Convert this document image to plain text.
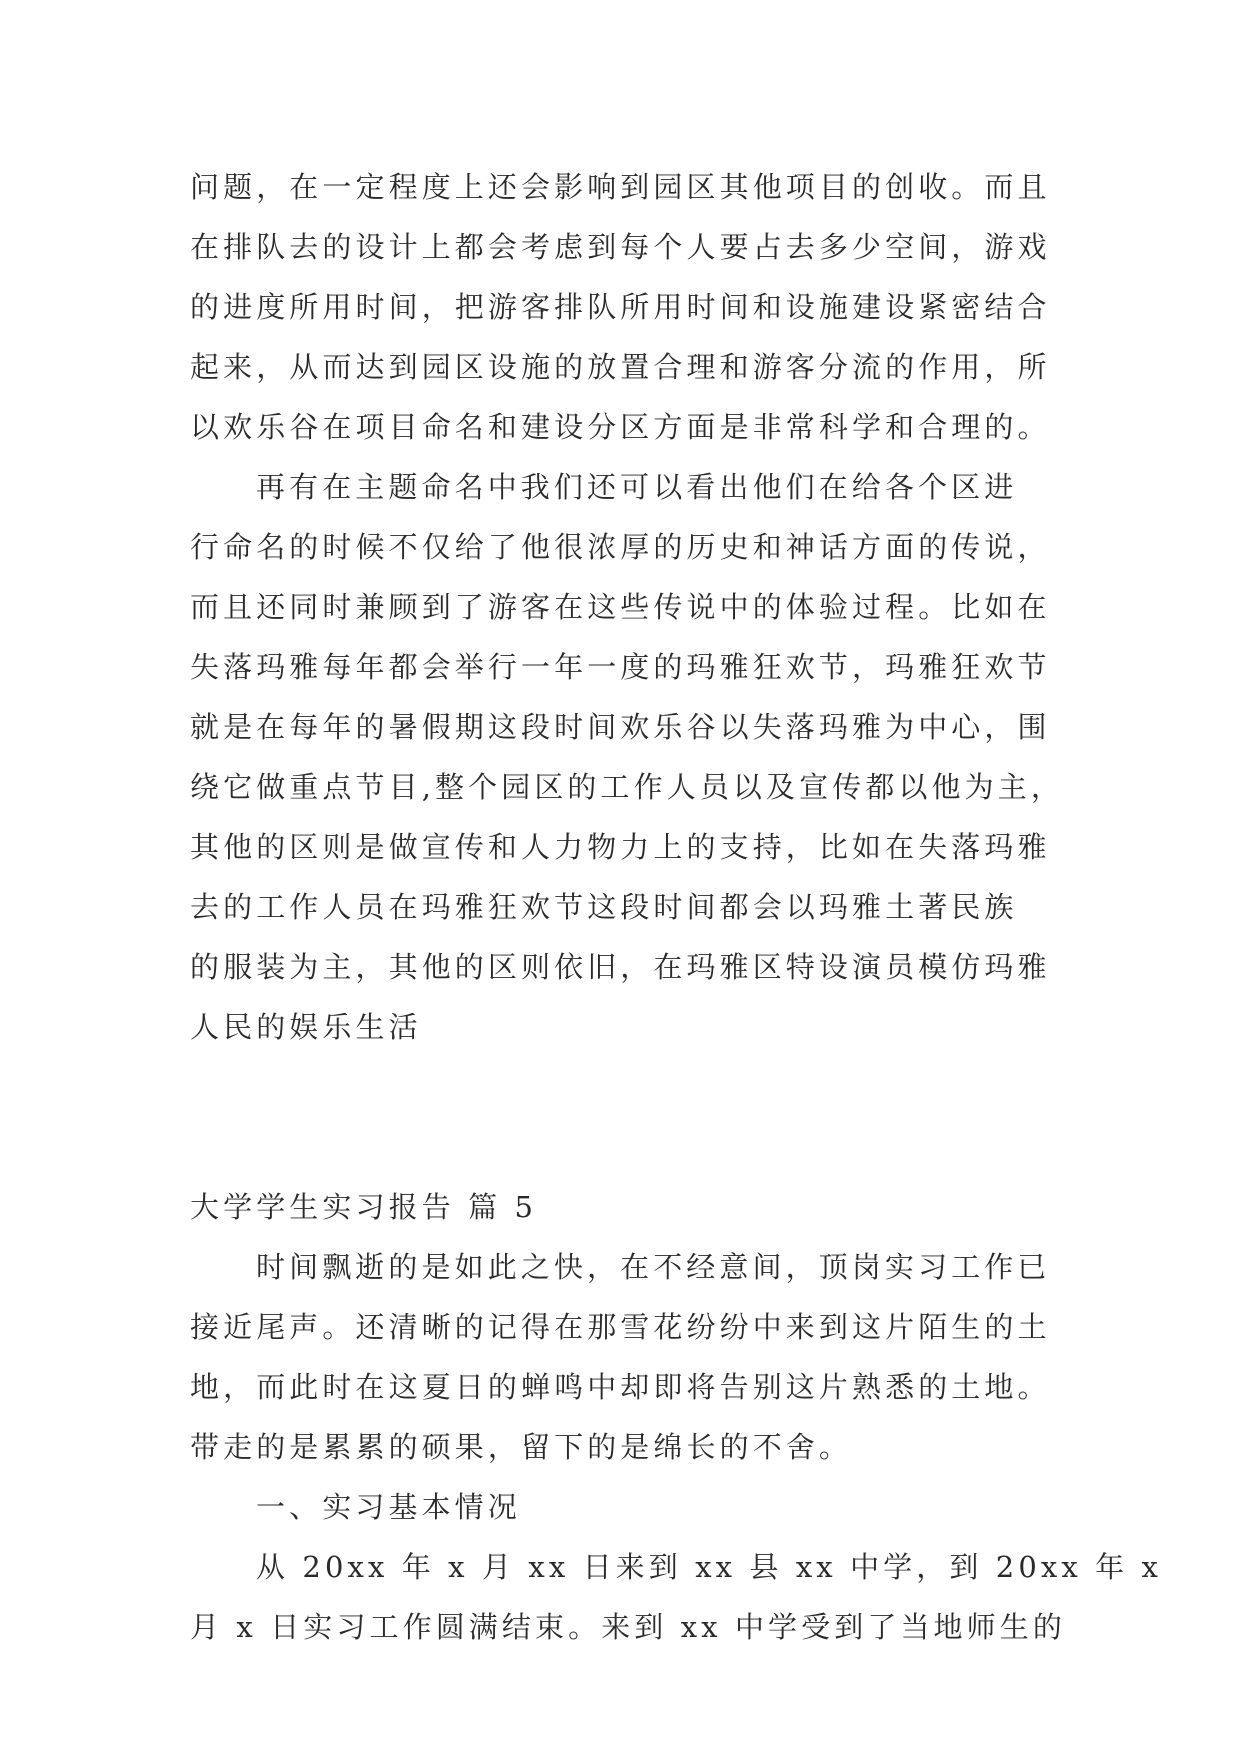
问题，在一定程度上还会影响到园区其他项目的创收。而且
在排队去的设计上都会考虑到每个人要占去多少空间，游戏
的进度所用时间，把游客排队所用时间和设施建设紧密结合
起来，从而达到园区设施的放置合理和游客分流的作用，所
以欢乐谷在项目命名和建设分区方面是非常科学和合理的。
再有在主题命名中我们还可以看出他们在给各个区进
行命名的时候不仅给了他很浓厚的历史和神话方面的传说，
而且还同时兼顾到了游客在这些传说中的体验过程。比如在
失落玛雅每年都会举行一年一度的玛雅狂欢节，玛雅狂欢节
就是在每年的暑假期这段时间欢乐谷以失落玛雅为中心，围
绕它做重点节目,整个园区的工作人员以及宣传都以他为主，
其他的区则是做宣传和人力物力上的支持，比如在失落玛雅
去的工作人员在玛雅狂欢节这段时间都会以玛雅土著民族
的服装为主，其他的区则依旧，在玛雅区特设演员模仿玛雅
人民的娱乐生活
大学学生实习报告 篇 5
时间飘逝的是如此之快，在不经意间，顶岗实习工作已
接近尾声。还清晰的记得在那雪花纷纷中来到这片陌生的土
地，而此时在这夏日的蝉鸣中却即将告别这片熟悉的土地。
带走的是累累的硕果，留下的是绵长的不舍。
一、实习基本情况
从 20xx 年 x 月 xx 日来到 xx 县 xx 中学，到 20xx 年 x
月 x 日实习工作圆满结束。来到 xx 中学受到了当地师生的
